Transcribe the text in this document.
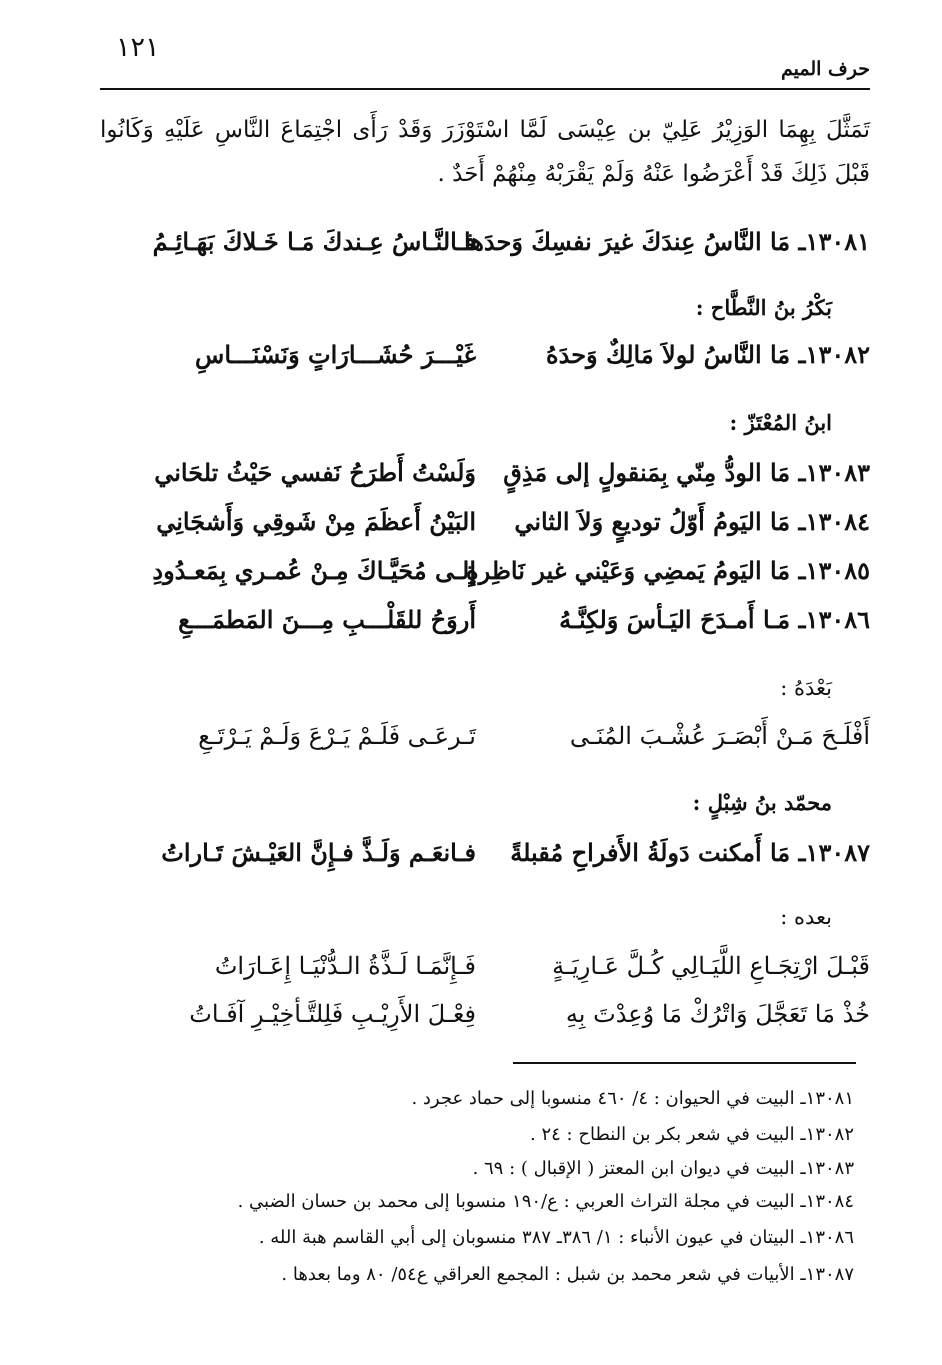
١٢١
حرف الميم
تَمَثَّلَ بِهِمَا الوَزِيْرُ عَلِيّ بن عِيْسَى لَمَّا اسْتَوْزَرَ وَقَدْ رَأَى اجْتِمَاعَ النَّاسِ عَلَيْهِ وَكَانُوا قَبْلَ ذَلِكَ قَدْ أَعْرَضُوا عَنْهُ وَلَمْ يَقْرَبْهُ مِنْهُمْ أَحَدٌ .
١٣٠٨١ـ مَا النَّاسُ عِندَكَ غيرَ نفسِكَ وَحدَها
فـالنَّـاسُ عِـندكَ مَـا خَـلاكَ بَهَـائِـمُ
بَكْرُ بنُ النَّطَّاح :
١٣٠٨٢ـ مَا النَّاسُ لولاَ مَالِكٌ وَحدَهُ
غَيْـــرَ حُشَـــارَاتٍ وَنَسْنَـــاسِ
ابنُ المُعْتَزّ :
١٣٠٨٣ـ مَا الودُّ مِنّي بِمَنقولٍ إلى مَذِقٍ
وَلَسْتُ أَطرَحُ نَفسي حَيْثُ تلحَاني
١٣٠٨٤ـ مَا اليَومُ أَوّلُ توديعٍ وَلاَ الثاني
البَيْنُ أَعظَمَ مِنْ شَوقِي وَأَشجَانِي
١٣٠٨٥ـ مَا اليَومُ يَمضِي وَعَيْني غير نَاظِرةٍ
إلـى مُحَيَّـاكَ مِـنْ عُمـري بِمَعـدُودِ
١٣٠٨٦ـ مَـا أَمـدَحَ اليَـأسَ وَلكِنَّـهُ
أَروَحُ للقَلْـــبِ مِـــنَ المَطمَـــعِ
بَعْدَهُ :
أَفْلَـحَ مَـنْ أَبْصَـرَ عُشْـبَ المُنَـى
تَـرعَـى فَلَـمْ يَـرْعَ وَلَـمْ يَـرْتَـعِ
محمّد بنُ شِبْلٍ :
١٣٠٨٧ـ مَا أَمكنت دَولَةُ الأَفراحِ مُقبلةً
فـانعَـم وَلَـذَّ فـإِنَّ العَيْـشَ تَـاراتُ
بعده :
قَبْـلَ ارْتِجَـاعِ اللَّيَـالِي كُـلَّ عَـارِيَـةٍ
فَـإِنَّمَـا لَـذَّةُ الـدُّنْيَـا إِعَـارَاتُ
خُذْ مَا تَعَجَّلَ وَاتْرُكْ مَا وُعِدْتَ بِهِ
فِعْـلَ الأَرِيْـبِ فَلِلتَّـأخِيْـرِ آفَـاتُ
١٣٠٨١ـ البيت في الحيوان : ٤/ ٤٦٠ منسوبا إلى حماد عجرد .
١٣٠٨٢ـ البيت في شعر بكر بن النطاح : ٢٤ .
١٣٠٨٣ـ البيت في ديوان ابن المعتز ( الإقبال ) : ٦٩ .
١٣٠٨٤ـ البيت في مجلة التراث العربي : ع/١٩٠ منسوبا إلى محمد بن حسان الضبي .
١٣٠٨٦ـ البيتان في عيون الأنباء : ١/ ٣٨٦ـ ٣٨٧ منسوبان إلى أبي القاسم هبة الله .
١٣٠٨٧ـ الأبيات في شعر محمد بن شبل : المجمع العراقي ع٥٤/ ٨٠ وما بعدها .
